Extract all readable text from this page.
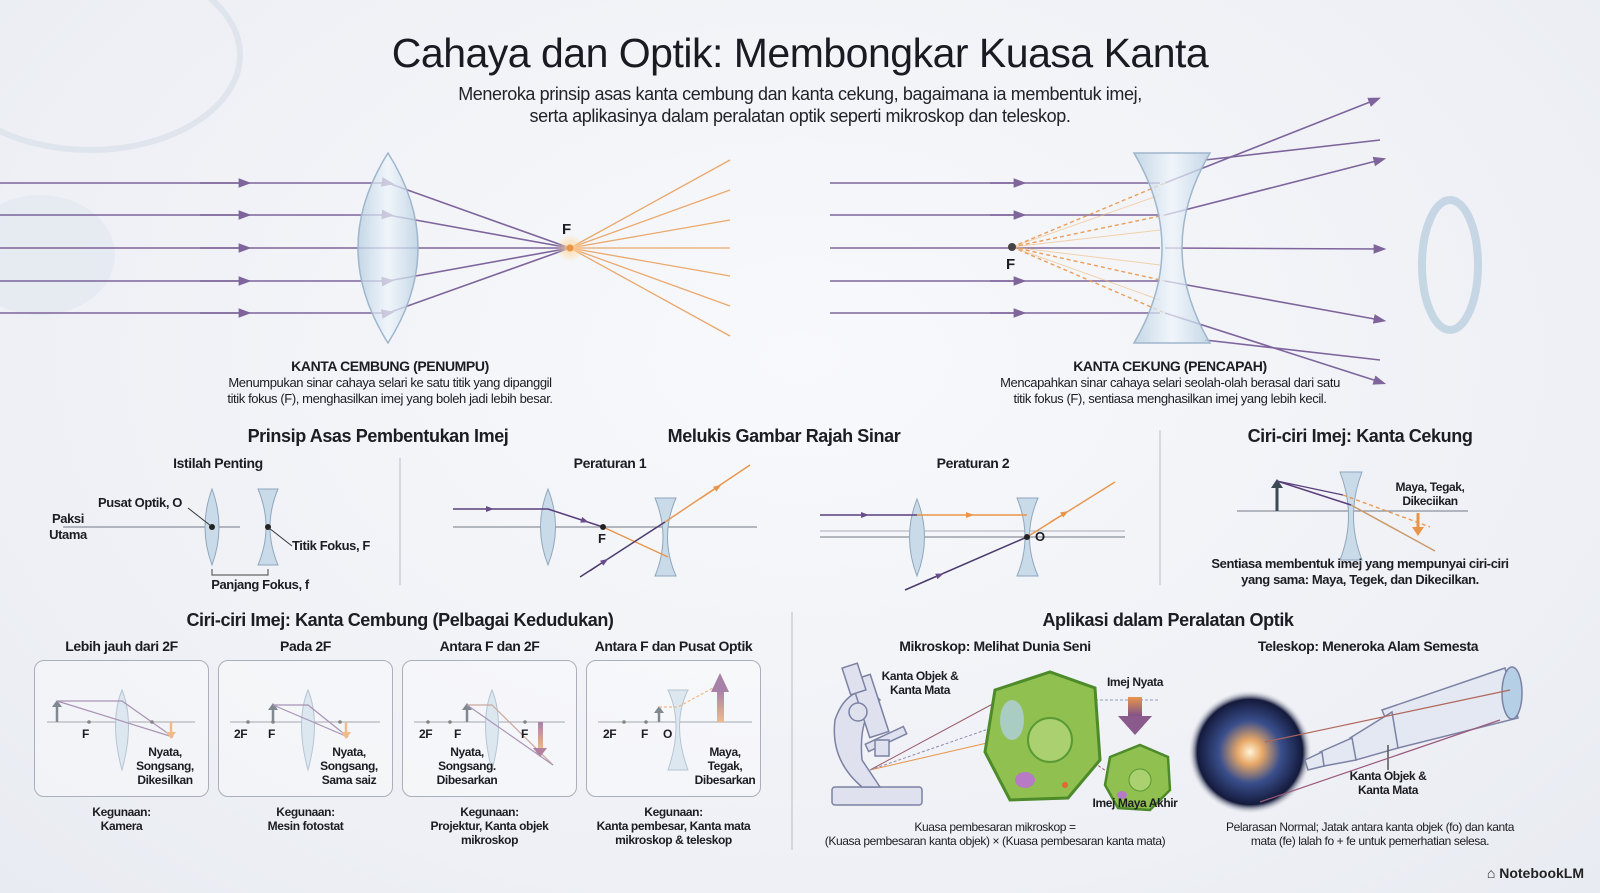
Cahaya dan Optik: Membongkar Kuasa Kanta
Meneroka prinsip asas kanta cembung dan kanta cekung, bagaimana ia membentuk imej,
serta aplikasinya dalam peralatan optik seperti mikroskop dan teleskop.
F
F
KANTA CEMBUNG (PENUMPU)
Menumpukan sinar cahaya selari ke satu titik yang dipanggil
titik fokus (F), menghasilkan imej yang boleh jadi lebih besar.
KANTA CEKUNG (PENCAPAH)
Mencapahkan sinar cahaya selari seolah-olah berasal dari satu
titik fokus (F), sentiasa menghasilkan imej yang lebih kecil.
Prinsip Asas Pembentukan Imej
Istilah Penting
Pusat Optik, O
Paksi
Utama
Titik Fokus, F
Panjang Fokus, f
Melukis Gambar Rajah Sinar
Peraturan 1
F
Peraturan 2
O
Ciri-ciri Imej: Kanta Cekung
Maya, Tegak,
Dikeciikan
Sentiasa membentuk imej yang mempunyai ciri-ciri
yang sama: Maya, Tegek, dan Dikecilkan.
Ciri-ciri Imej: Kanta Cembung (Pelbagai Kedudukan)
Lebih jauh dari 2F
F
Nyata,
Songsang,
Dikesilkan
Kegunaan:
Kamera
Pada 2F
2F F
Nyata,
Songsang,
Sama saiz
Kegunaan:
Mesin fotostat
Antara F dan 2F
2F F	F
Nyata,
Songsang.
Dibesarkan
Kegunaan:
Projektur, Kanta objek
mikroskop
Antara F dan Pusat Optik
2F F O
Maya,
Tegak,
Dibesarkan
Kegunaan:
Kanta pembesar, Kanta mata
mikroskop & teleskop
Aplikasi dalam Peralatan Optik
Mikroskop: Melihat Dunia Seni
Kanta Objek &
Kanta Mata
Imej Nyata
Imej Maya Akhir
Kuasa pembesaran mikroskop =
(Kuasa pembesaran kanta objek) × (Kuasa pembesaran kanta mata)
Teleskop: Meneroka Alam Semesta
Kanta Objek &
Kanta Mata
Pelarasan Normal; Jatak antara kanta objek (fo) dan kanta
mata (fe) lalah fo + fe untuk pemerhatian selesa.
⌂ NotebookLM
